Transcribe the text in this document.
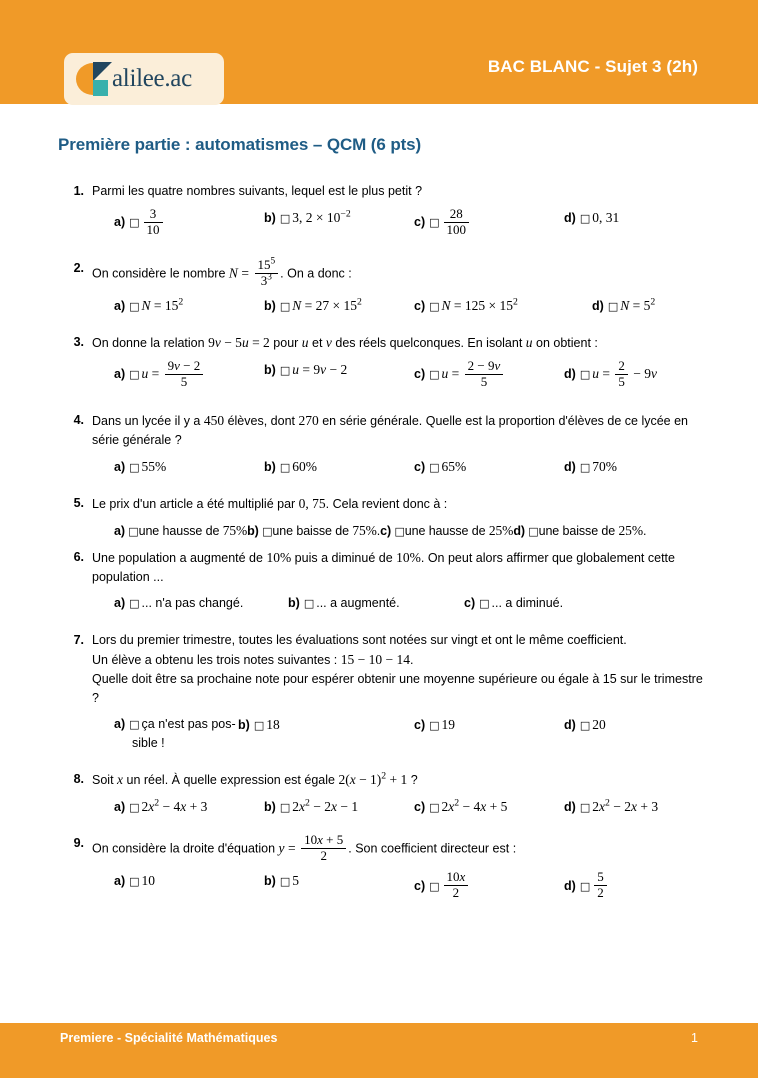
alilee.ac	BAC BLANC - Sujet 3 (2h)
Première partie : automatismes – QCM (6 pts)
1. Parmi les quatre nombres suivants, lequel est le plus petit ?
a) □ $\frac{3}{10}$	b) □ 3, $2 \times 10^{-2}$
c) □ $\frac{28}{100}$	d) □ 0, 31
2. On considère le nombre $N = \frac{15^5}{3^3}$ . On a donc :
a) □ $N = 15^2$	b) □ $N = 27 \times 15^2$	c) □ $N = 125 \times 15^2$	d) □ $N = 5^2$
3. On donne la relation 9v − 5u = 2 pour u et v des réels quelconques. En isolant u on obtient :
a) □ $u = \frac{9v - 2}{5}$	b) □ u = 9v − 2	c) □ $u = \frac{2 - 9v}{5}$	d) □ $u = \frac{2}{5} - 9v$
4. Dans un lycée il y a 450 élèves, dont 270 en série générale. Quelle est la proportion d'élèves de ce lycée en série générale ?
a) □ 55%	b) □ 60%	c) □ 65%	d) □ 70%
5. Le prix d'un article a été multiplié par 0, 75. Cela revient donc à :
a) □une hausse de 75%b) □une baisse de 75%.c) □une hausse de 25%d) □une baisse de 25%.
6. Une population a augmenté de 10% puis a diminué de 10%. On peut alors affirmer que globalement cette population ...
a) □ ... n'a pas changé.	b) □ ... a augmenté.	c) □ ... a diminué.
7. Lors du premier trimestre, toutes les évaluations sont notées sur vingt et ont le même coefficient.

Un élève a obtenu les trois notes suivantes : 15 − 10 − 14.

Quelle doit être sa prochaine note pour espérer obtenir une moyenne supérieure ou égale à 15 sur le trimestre ?

a) □ ça n'est pas pos-
sible !
b) □ 18	c) □ 19	d) □ 20
8. Soit x un réel. À quelle expression est égale $2(x - 1)^2 + 1$ ?
a) □ $2x^2 - 4x + 3$	b) □ $2x^2 - 2x - 1$	c) □ $2x^2 - 4x + 5$	d) □ $2x^2 - 2x + 3$
9. On considère la droite d'équation $y = \frac{10x + 5}{2}$ . Son coefficient directeur est :
a) □ 10	b) □ 5	c) □ $\frac{10x}{2}$	d) □ $\frac{5}{2}$
Premiere - Spécialité Mathématiques	1
